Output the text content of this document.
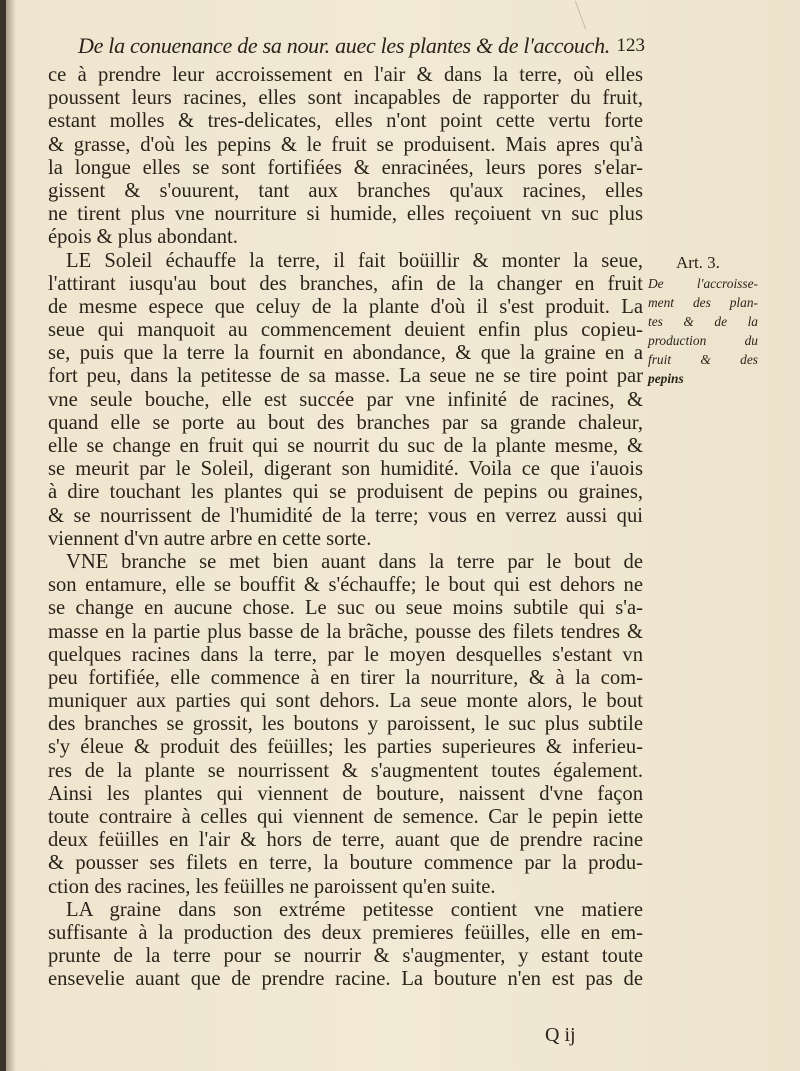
De la conuenance de sa nour. auec les plantes & de l'accouch. 123
ce à prendre leur accroissement en l'air & dans la terre, où elles
poussent leurs racines, elles sont incapables de rapporter du fruit,
estant molles & tres-delicates, elles n'ont point cette vertu forte
& grasse, d'où les pepins & le fruit se produisent. Mais apres qu'à
la longue elles se sont fortifiées & enracinées, leurs pores s'elar-
gissent & s'ouurent, tant aux branches qu'aux racines, elles
ne tirent plus vne nourriture si humide, elles reçoiuent vn suc plus
épois & plus abondant.
LE Soleil échauffe la terre, il fait boüillir & monter la seue,
l'attirant iusqu'au bout des branches, afin de la changer en fruit
de mesme espece que celuy de la plante d'où il s'est produit. La
seue qui manquoit au commencement deuient enfin plus copieu-
se, puis que la terre la fournit en abondance, & que la graine en a
fort peu, dans la petitesse de sa masse. La seue ne se tire point par
vne seule bouche, elle est succée par vne infinité de racines, &
quand elle se porte au bout des branches par sa grande chaleur,
elle se change en fruit qui se nourrit du suc de la plante mesme, &
se meurit par le Soleil, digerant son humidité. Voila ce que i'auois
à dire touchant les plantes qui se produisent de pepins ou graines,
& se nourrissent de l'humidité de la terre; vous en verrez aussi qui
viennent d'vn autre arbre en cette sorte.
VNE branche se met bien auant dans la terre par le bout de
son entamure, elle se bouffit & s'échauffe; le bout qui est dehors ne
se change en aucune chose. Le suc ou seue moins subtile qui s'a-
masse en la partie plus basse de la brãche, pousse des filets tendres &
quelques racines dans la terre, par le moyen desquelles s'estant vn
peu fortifiée, elle commence à en tirer la nourriture, & à la com-
muniquer aux parties qui sont dehors. La seue monte alors, le bout
des branches se grossit, les boutons y paroissent, le suc plus subtile
s'y éleue & produit des feüilles; les parties superieures & inferieu-
res de la plante se nourrissent & s'augmentent toutes également.
Ainsi les plantes qui viennent de bouture, naissent d'vne façon
toute contraire à celles qui viennent de semence. Car le pepin iette
deux feüilles en l'air & hors de terre, auant que de prendre racine
& pousser ses filets en terre, la bouture commence par la produ-
ction des racines, les feüilles ne paroissent qu'en suite.
LA graine dans son extréme petitesse contient vne matiere
suffisante à la production des deux premieres feüilles, elle en em-
prunte de la terre pour se nourrir & s'augmenter, y estant toute
ensevelie auant que de prendre racine. La bouture n'en est pas de
Art. 3.
De l'accroisse-
ment des plan-
tes & de la
production du
fruit & des
pepins
Q ij
